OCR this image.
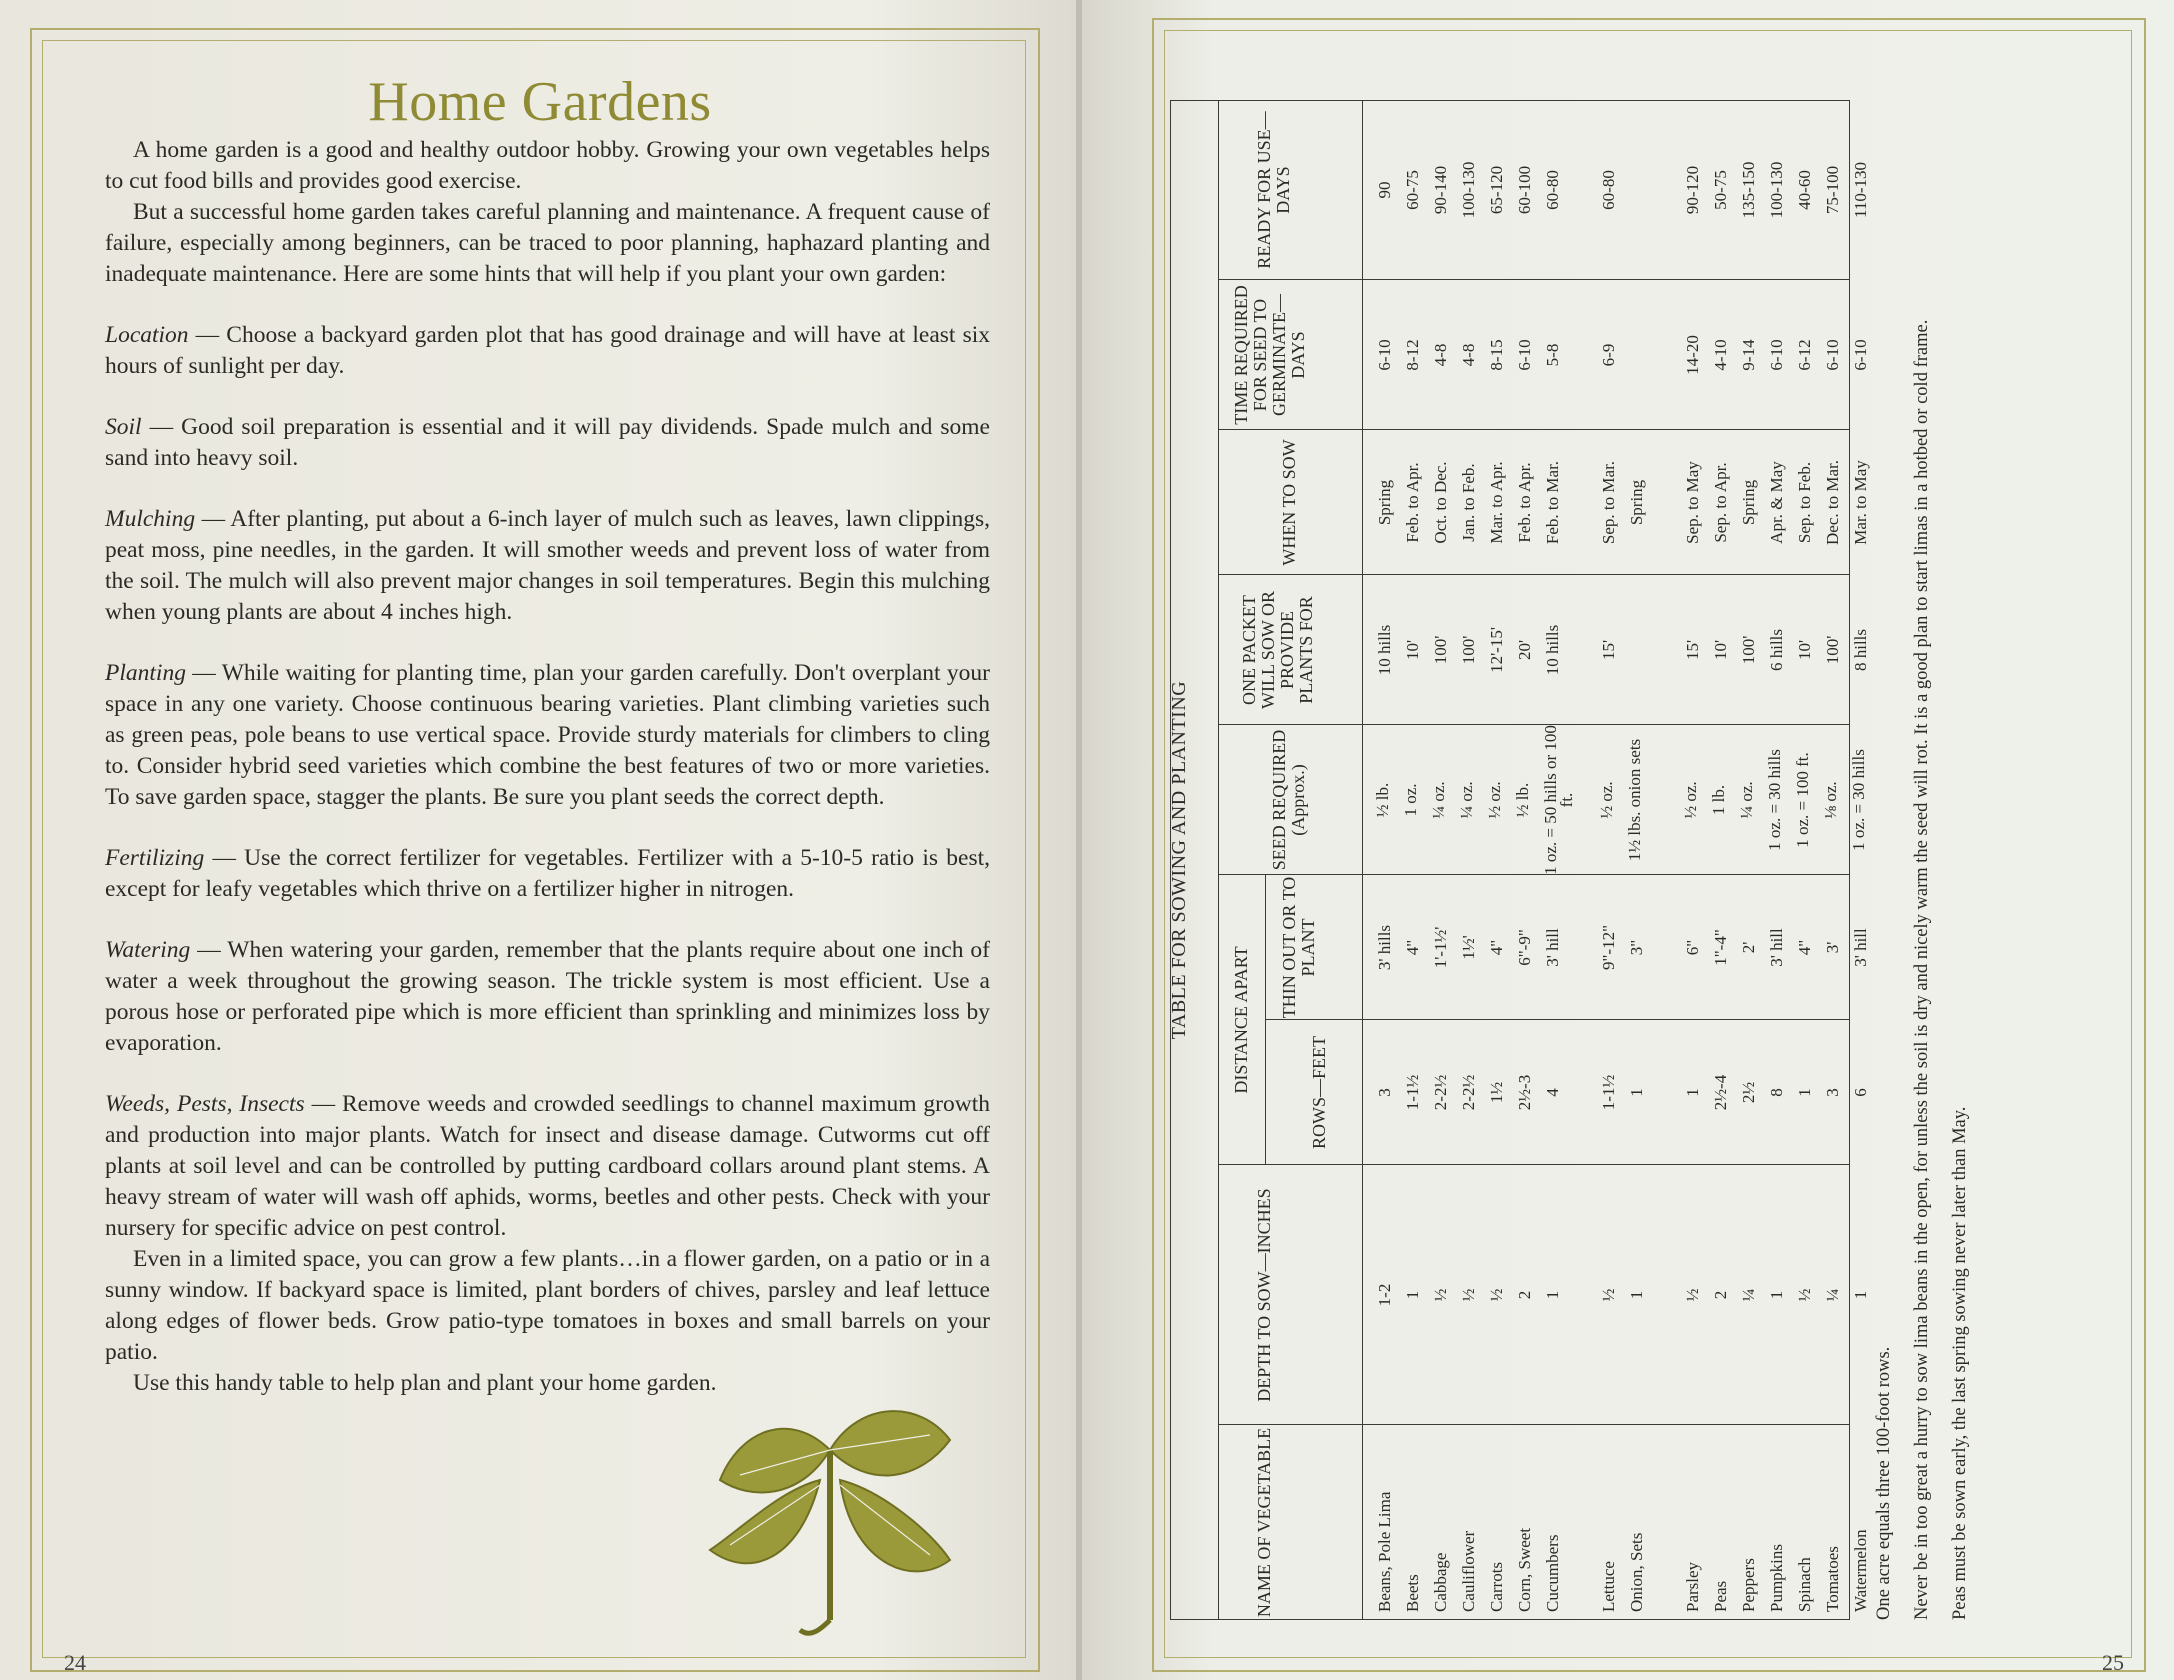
Home Gardens

A home garden is a good and healthy outdoor hobby. Growing your own vegetables helps to cut food bills and provides good exercise.

But a successful home garden takes careful planning and maintenance. A frequent cause of failure, especially among beginners, can be traced to poor planning, haphazard planting and inadequate maintenance. Here are some hints that will help if you plant your own garden:

Location — Choose a backyard garden plot that has good drainage and will have at least six hours of sunlight per day.

Soil — Good soil preparation is essential and it will pay dividends. Spade mulch and some sand into heavy soil.

Mulching — After planting, put about a 6-inch layer of mulch such as leaves, lawn clippings, peat moss, pine needles, in the garden. It will smother weeds and prevent loss of water from the soil. The mulch will also prevent major changes in soil temperatures. Begin this mulching when young plants are about 4 inches high.

Planting — While waiting for planting time, plan your garden carefully. Don't overplant your space in any one variety. Choose continuous bearing varieties. Plant climbing varieties such as green peas, pole beans to use vertical space. Provide sturdy materials for climbers to cling to. Consider hybrid seed varieties which combine the best features of two or more varieties. To save garden space, stagger the plants. Be sure you plant seeds the correct depth.

Fertilizing — Use the correct fertilizer for vegetables. Fertilizer with a 5-10-5 ratio is best, except for leafy vegetables which thrive on a fertilizer higher in nitrogen.

Watering — When watering your garden, remember that the plants require about one inch of water a week throughout the growing season. The trickle system is most efficient. Use a porous hose or perforated pipe which is more efficient than sprinkling and minimizes loss by evaporation.

Weeds, Pests, Insects — Remove weeds and crowded seedlings to channel maximum growth and production into major plants. Watch for insect and disease damage. Cutworms cut off plants at soil level and can be controlled by putting cardboard collars around plant stems. A heavy stream of water will wash off aphids, worms, beetles and other pests. Check with your nursery for specific advice on pest control.

Even in a limited space, you can grow a few plants…in a flower garden, on a patio or in a sunny window. If backyard space is limited, plant borders of chives, parsley and leaf lettuce along edges of flower beds. Grow patio-type tomatoes in boxes and small barrels on your patio.

Use this handy table to help plan and plant your home garden.

24	25
TABLE FOR SOWING AND PLANTING
NAME OF VEGETABLE
DEPTH TO SOW—INCHES
DISTANCE APART	ROWS—FEET
THIN OUT OR TO PLANT
SEED REQUIRED (Approx.)
ONE PACKET WILL SOW OR PROVIDE PLANTS FOR
WHEN TO SOW
TIME REQUIRED FOR SEED TO GERMINATE—DAYS
READY FOR USE—DAYS
Beans, Pole Lima
1-2
3
3' hills
½ lb.
10 hills
Spring
6-10
90
Beets
1
1-1½
4"
1 oz.
10'
Feb. to Apr.
8-12
60-75
Cabbage
½
2-2½
1'-1½'
¼ oz.
100'
Oct. to Dec.
4-8
90-140
Cauliflower
½
2-2½
1½'
¼ oz.
100'
Jan. to Feb.
4-8
100-130
Carrots
½
1½
4"
½ oz.
12'-15'
Mar. to Apr.
8-15
65-120
Corn, Sweet
2
2½-3
6"-9"
½ lb.
20'
Feb. to Apr.
6-10
60-100
Cucumbers
1
4
3' hill
1 oz. = 50 hills or 100 ft.
10 hills
Feb. to Mar.
5-8
60-80
Lettuce
½
1-1½
9"-12"
½ oz.
15'
Sep. to Mar.
6-9
60-80
Onion, Sets
1
1
3"
1½ lbs. onion sets
Spring
Parsley
½
1
6"
½ oz.
15'
Sep. to May
14-20
90-120
Peas
2
2½-4
1"-4"
1 lb.
10'
Sep. to Apr.
4-10
50-75
Peppers
¼
2½
2'
¼ oz.
100'
Spring
9-14
135-150
Pumpkins
1
8
3' hill
1 oz. = 30 hills
6 hills
Apr. & May
6-10
100-130
Spinach
½
1
4"
1 oz. = 100 ft.
10'
Sep. to Feb.
6-12
40-60
Tomatoes
¼
3
3'
⅛ oz.
100'
Dec. to Mar.
6-10
75-100
Watermelon
1
6
3' hill
1 oz. = 30 hills
8 hills
Mar. to May
6-10
110-130

One acre equals three 100-foot rows. Never be in too great a hurry to sow lima beans in the open, for unless the soil is dry and nicely warm the seed will rot. It is a good plan to start limas in a hotbed or cold frame. Peas must be sown early, the last spring sowing never later than May.
